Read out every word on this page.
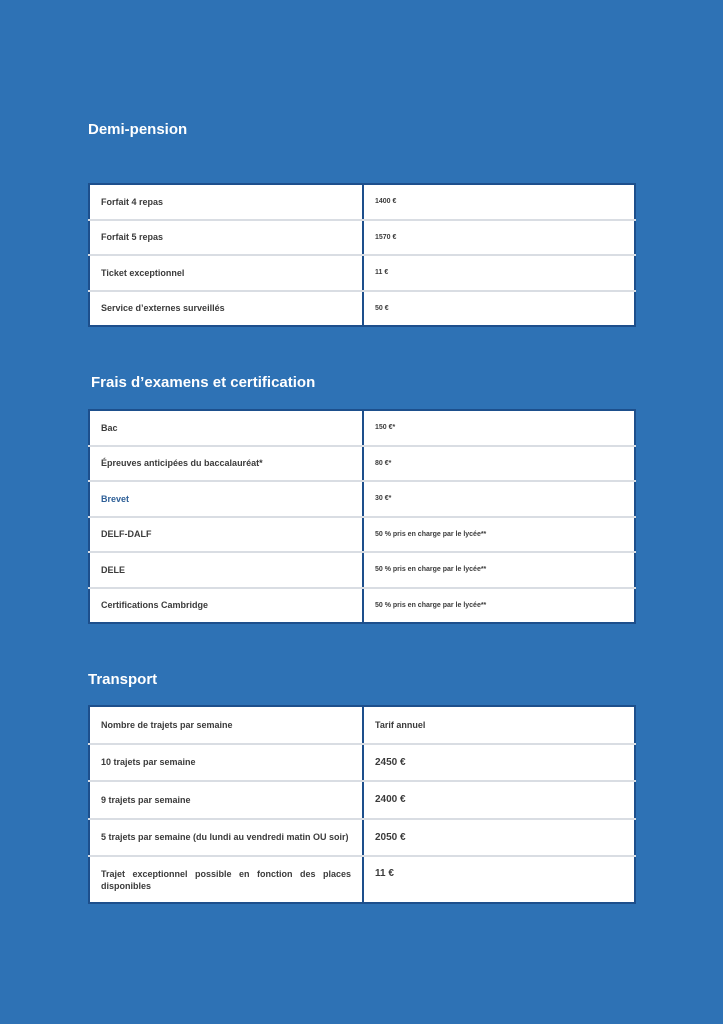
Demi-pension
Forfait 4 repas	1400 €
Forfait 5 repas	1570 €
Ticket exceptionnel	11 €
Service d’externes surveillés	50 €
Frais d’examens et certification
Bac	150 €*
Épreuves anticipées du baccalauréat*	80 €*
Brevet	30 €*
DELF-DALF	50 % pris en charge par le lycée**
DELE	50 % pris en charge par le lycée**
Certifications Cambridge	50 % pris en charge par le lycée**
Transport
Nombre de trajets par semaine	Tarif annuel
10 trajets par semaine	2450 €
9 trajets par semaine	2400 €
5 trajets par semaine (du lundi au vendredi matin OU soir)	2050 €
Trajet exceptionnel possible en fonction des places disponibles	11 €
